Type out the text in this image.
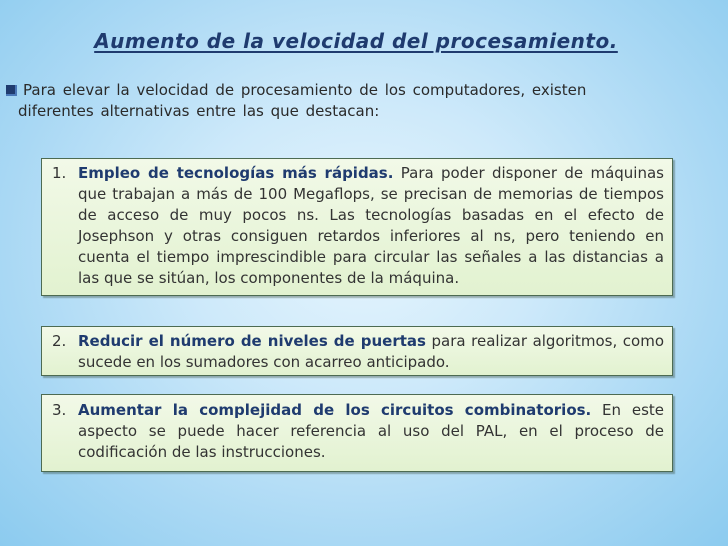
Aumento de la velocidad del procesamiento.
Para elevar la velocidad de procesamiento de los computadores, existen
diferentes alternativas entre las que destacan:
1. Empleo de tecnologías más rápidas. Para poder disponer de máquinas que trabajan a más de 100 Megaflops, se precisan de memorias de tiempos de acceso de muy pocos ns. Las tecnologías basadas en el efecto de Josephson y otras consiguen retardos inferiores al ns, pero teniendo en cuenta el tiempo imprescindible para circular las señales a las distancias a las que se sitúan, los componentes de la máquina.

2. Reducir el número de niveles de puertas para realizar algoritmos, como sucede en los sumadores con acarreo anticipado.

3. Aumentar la complejidad de los circuitos combinatorios. En este aspecto se puede hacer referencia al uso del PAL, en el proceso de codificación de las instrucciones.
